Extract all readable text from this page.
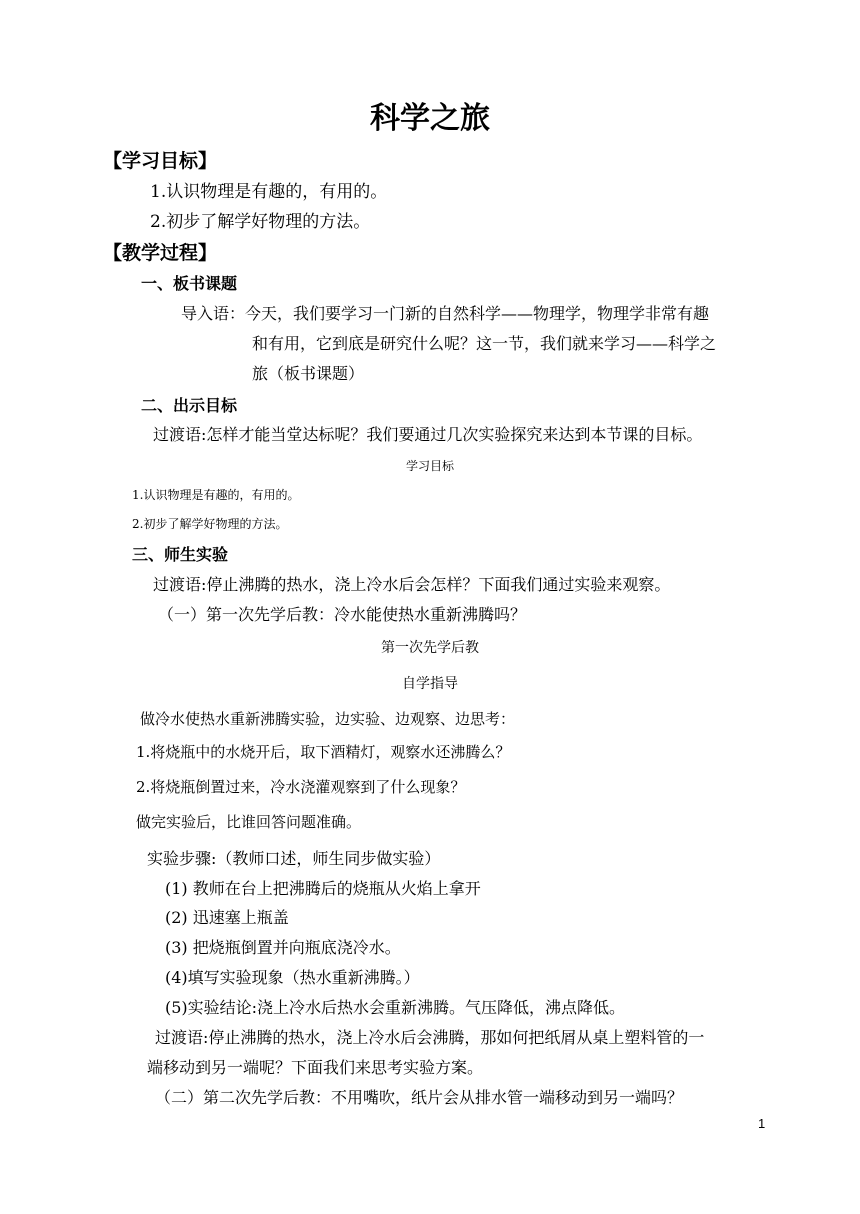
科学之旅
【学习目标】
1.认识物理是有趣的，有用的。
2.初步了解学好物理的方法。
【教学过程】
一、板书课题
导入语：今天，我们要学习一门新的自然科学——物理学，物理学非常有趣
和有用，它到底是研究什么呢？这一节，我们就来学习——科学之
旅（板书课题）
二、出示目标
过渡语:怎样才能当堂达标呢？我们要通过几次实验探究来达到本节课的目标。
学习目标
1.认识物理是有趣的，有用的。
2.初步了解学好物理的方法。
三、师生实验
过渡语:停止沸腾的热水，浇上冷水后会怎样？下面我们通过实验来观察。
（一）第一次先学后教：冷水能使热水重新沸腾吗？
第一次先学后教
自学指导
做冷水使热水重新沸腾实验，边实验、边观察、边思考：
1.将烧瓶中的水烧开后，取下酒精灯，观察水还沸腾么？
2.将烧瓶倒置过来，冷水浇灌观察到了什么现象？
做完实验后，比谁回答问题准确。
实验步骤:（教师口述，师生同步做实验）
(1) 教师在台上把沸腾后的烧瓶从火焰上拿开
(2) 迅速塞上瓶盖
(3) 把烧瓶倒置并向瓶底浇冷水。
(4)填写实验现象（热水重新沸腾。）
(5)实验结论:浇上冷水后热水会重新沸腾。气压降低，沸点降低。
过渡语:停止沸腾的热水，浇上冷水后会沸腾，那如何把纸屑从桌上塑料管的一
端移动到另一端呢？下面我们来思考实验方案。
（二）第二次先学后教：不用嘴吹，纸片会从排水管一端移动到另一端吗？
1
